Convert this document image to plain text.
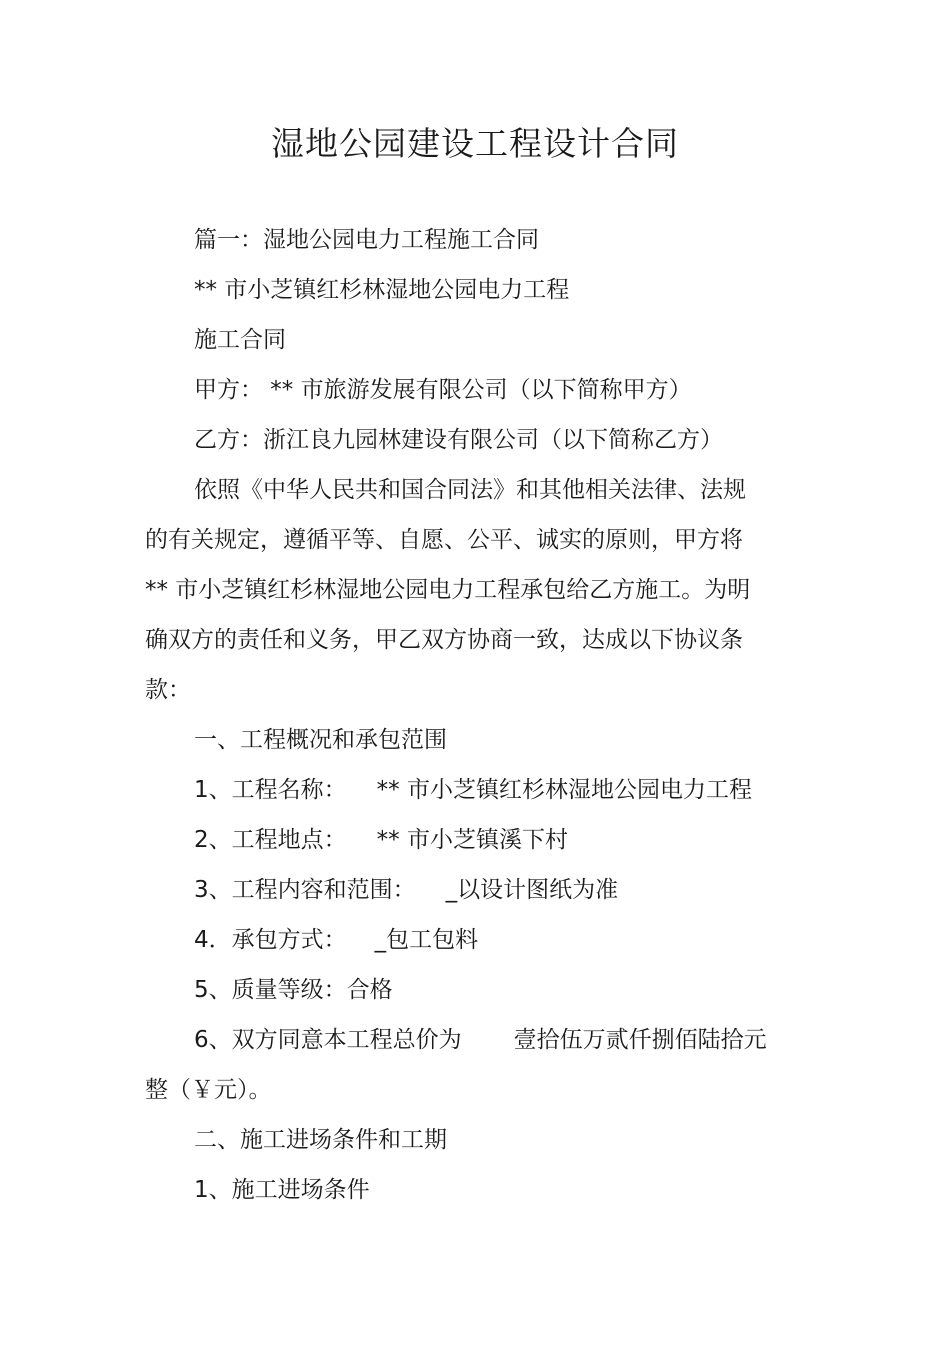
湿地公园建设工程设计合同

篇一：湿地公园电力工程施工合同

** 市小芝镇红杉林湿地公园电力工程

施工合同

甲方： ** 市旅游发展有限公司（以下简称甲方）

乙方：浙江良九园林建设有限公司（以下简称乙方）

依照《中华人民共和国合同法》和其他相关法律、法规

的有关规定，遵循平等、自愿、公平、诚实的原则，甲方将

** 市小芝镇红杉林湿地公园电力工程承包给乙方施工。为明

确双方的责任和义务，甲乙双方协商一致，达成以下协议条

款：

一、工程概况和承包范围

1、工程名称： ** 市小芝镇红杉林湿地公园电力工程

2、工程地点： ** 市小芝镇溪下村

3、工程内容和范围： _以设计图纸为准

4．承包方式： _包工包料

5、质量等级：合格

6、双方同意本工程总价为 壹拾伍万贰仟捌佰陆拾元

整（￥元）。

二、施工进场条件和工期

1、施工进场条件
